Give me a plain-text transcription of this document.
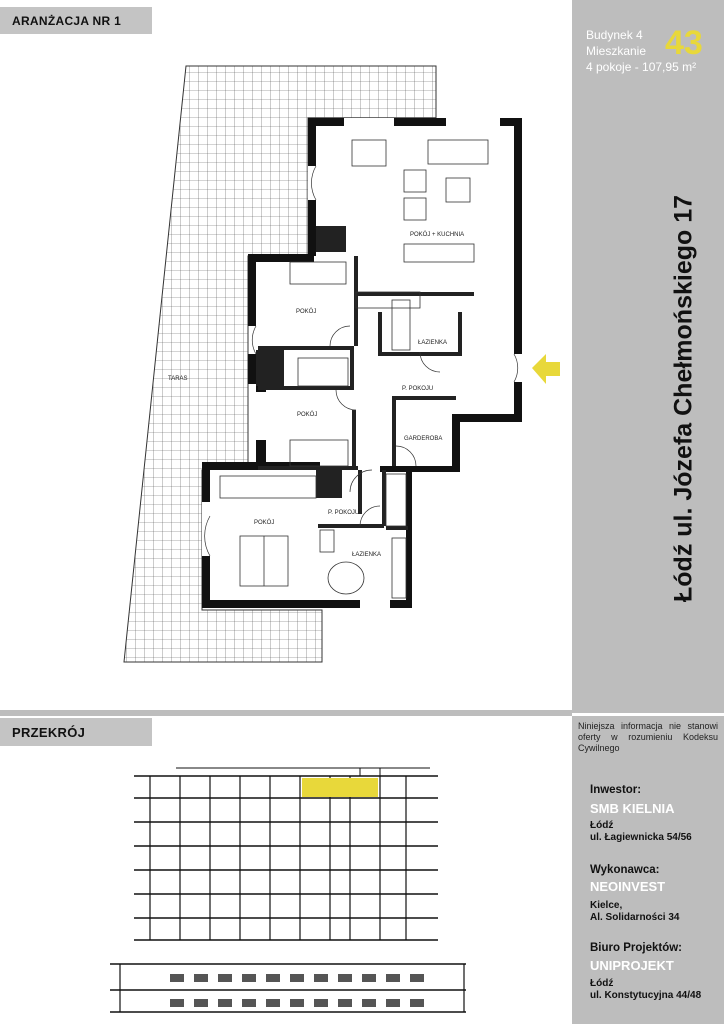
Budynek 4
Mieszkanie
4 pokoje - 107,95 m²
43
Łódź ul. Józefa Chełmońskiego 17
Niniejsza informacja nie stanowi oferty w rozumieniu Kodeksu Cywilnego
Inwestor:
SMB KIELNIA
Łódź
ul. Łagiewnicka 54/56
Wykonawca:
NEOINVEST
Kielce,
Al. Solidarności 34
Biuro Projektów:
UNIPROJEKT
Łódź
ul. Konstytucyjna 44/48
ARANŻACJA NR 1
PRZEKRÓJ
TARAS
POKÓJ + KUCHNIA
POKÓJ
POKÓJ
POKÓJ
ŁAZIENKA
ŁAZIENKA
P. POKOJU
P. POKOJU
GARDEROBA
